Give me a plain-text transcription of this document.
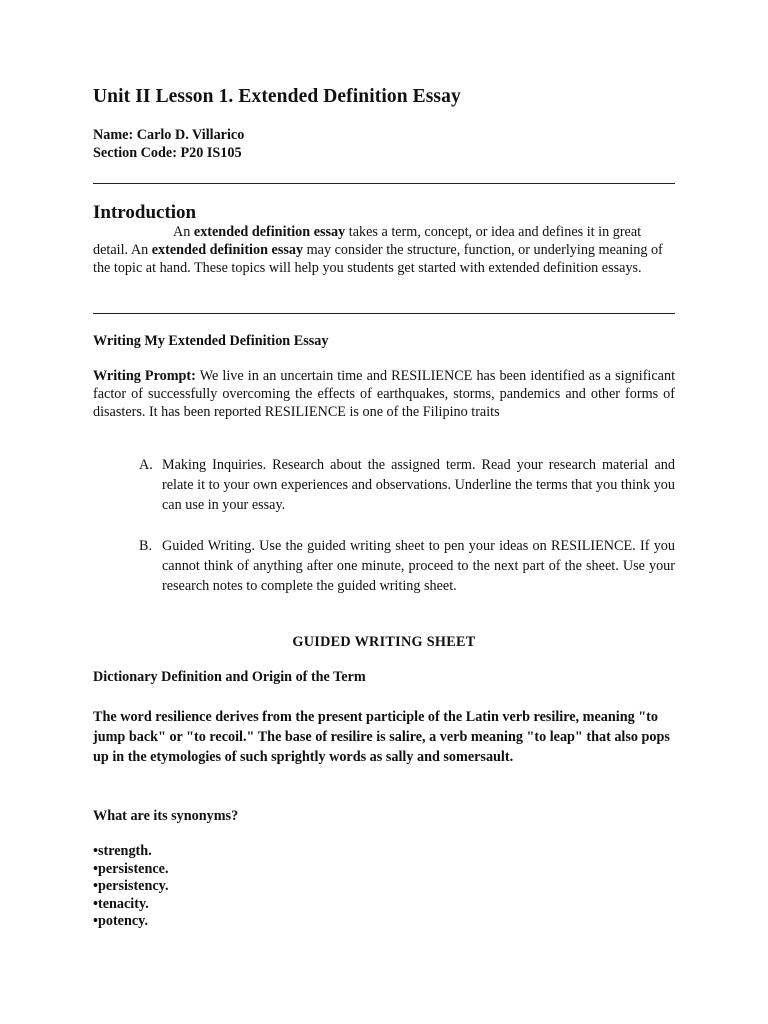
Unit II Lesson 1. Extended Definition Essay
Name: Carlo D. Villarico
Section Code: P20 IS105
Introduction

An extended definition essay takes a term, concept, or idea and defines it in great detail. An extended definition essay may consider the structure, function, or underlying meaning of the topic at hand. These topics will help you students get started with extended definition essays.

Writing My Extended Definition Essay

Writing Prompt: We live in an uncertain time and RESILIENCE has been identified as a significant factor of successfully overcoming the effects of earthquakes, storms, pandemics and other forms of disasters. It has been reported RESILIENCE is one of the Filipino traits

A. Making Inquiries. Research about the assigned term. Read your research material and relate it to your own experiences and observations. Underline the terms that you think you can use in your essay.
B. Guided Writing. Use the guided writing sheet to pen your ideas on RESILIENCE. If you cannot think of anything after one minute, proceed to the next part of the sheet. Use your research notes to complete the guided writing sheet.
GUIDED WRITING SHEET
Dictionary Definition and Origin of the Term

The word resilience derives from the present participle of the Latin verb resilire, meaning "to jump back" or "to recoil." The base of resilire is salire, a verb meaning "to leap" that also pops up in the etymologies of such sprightly words as sally and somersault.

What are its synonyms?
•strength.
•persistence.
•persistency.
•tenacity.
•potency.
